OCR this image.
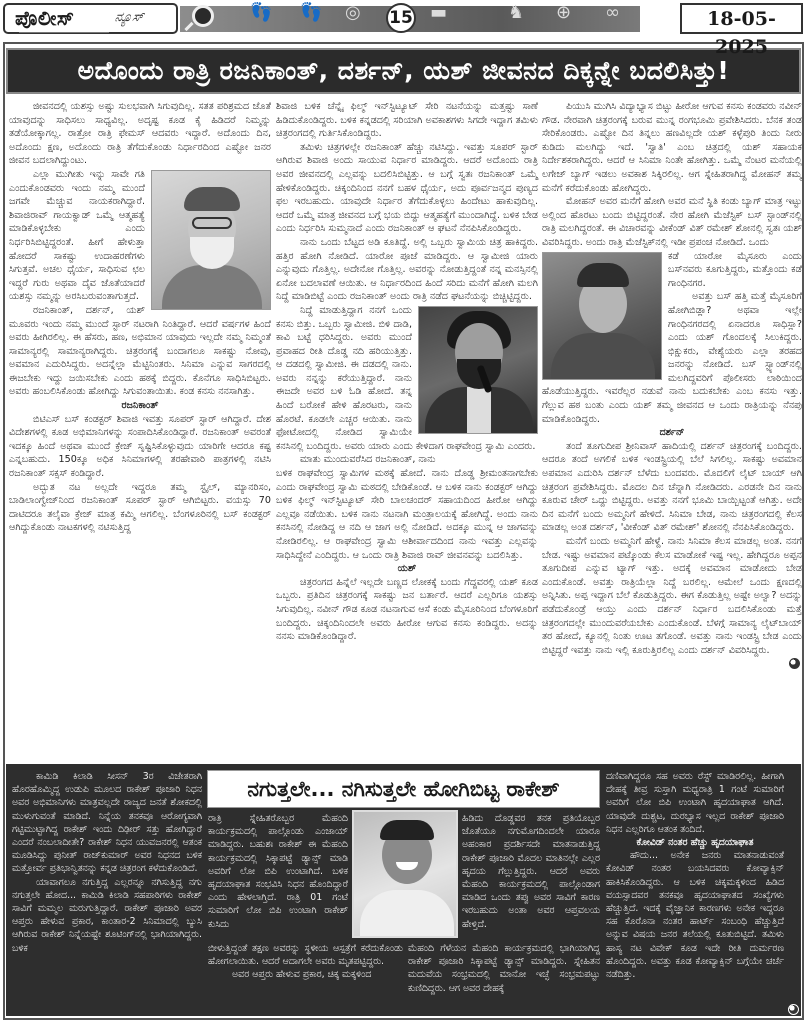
ಪೊಲೀಸ್	ನ್ಯೂಸ್	👣 👣 ◎	▬	♞ ⊕ ∞
15	18-05-2025
ಅದೊಂದು ರಾತ್ರಿ ರಜನಿಕಾಂತ್, ದರ್ಶನ್, ಯಶ್ ಜೀವನದ ದಿಕ್ಕನ್ನೇ ಬದಲಿಸಿತ್ತು!

ಜೀವನದಲ್ಲಿ ಯಶಸ್ಸು ಅಷ್ಟು ಸುಲಭವಾಗಿ ಸಿಗುವುದಿಲ್ಲ. ಸತತ ಪರಿಶ್ರಮದ ಜೊತೆ ಯಾವುದನ್ನು ಸಾಧಿಸಲು ಸಾಧ್ಯವಿಲ್ಲ. ಅದೃಷ್ಟ ಕೂಡ ಕೈ ಹಿಡಿದರೆ ನಿಮ್ಮನ್ನು ತಡೆಯೋಕ್ಕಾಗಲ್ಲ. ರಾತ್ರೋ ರಾತ್ರಿ ಫೇಮಸ್ ಆದವರು ಇದ್ದಾರೆ. ಅದೊಂದು ದಿನ, ಅದೊಂದು ಕ್ಷಣ, ಅದೊಂದು ರಾತ್ರಿ ತೆಗೆದುಕೊಂಡು ನಿರ್ಧಾರದಿಂದ ಎಷ್ಟೋ ಜನರ ಜೀವನ ಬದಲಾಗಿದ್ದುಂಟು.

ಎಲ್ಲಾ ಮುಗೀತು ಇನ್ನು ಸಾವೇ ಗತಿ ಎಂದುಕೊಂಡವರು ಇಂದು ನಮ್ಮ ಮುಂದೆ ಜಗವೇ ಮೆಚ್ಚುವ ನಾಯಕರಾಗಿದ್ದಾರೆ. ಶಿವಾಜಿರಾವ್ ಗಾಯಕ್ವಾಡ್ ಒಮ್ಮೆ ಆತ್ಮಹತ್ಯೆ ಮಾಡಿಕೊಳ್ಳಬೇಕು ಎಂದು ನಿರ್ಧರಿಸಿಬಿಟ್ಟಿದ್ದರಂತೆ. ಹೀಗೆ ಹೇಳುತ್ತಾ ಹೋದರೆ ಸಾಕಷ್ಟು ಉದಾಹರಣೆಗಳು ಸಿಗುತ್ತವೆ. ಅಚಲ ಧೈರ್ಯ, ಸಾಧಿಸುವ ಛಲ ಇದ್ದರೆ ಗುರು ಅಥವಾ ದೈವ ಜೊತೆಯಾದರೆ ಯಶಸ್ಸು ನಮ್ಮನ್ನು ಅರಸಿಬರುವಂತಾಗುತ್ತದೆ.

ರಜನಿಕಾಂತ್, ದರ್ಶನ್, ಯಶ್ ಮೂವರು ಇಂದು ನಮ್ಮ ಮುಂದೆ ಸ್ಟಾರ್ ನಟರಾಗಿ ನಿಂತಿದ್ದಾರೆ. ಆದರೆ ವರ್ಷಗಳ ಹಿಂದೆ ಅವರು ಹೀಗಿರಲಿಲ್ಲ. ಈ ಹೆಸರು, ಹಣ, ಅಭಿಮಾನ ಯಾವುದು ಇಲ್ಲದೇ ನಮ್ಮ ನಿಮ್ಮಂತೆ ಸಾಮಾನ್ಯರಲ್ಲಿ ಸಾಮಾನ್ಯರಾಗಿದ್ದರು. ಚಿತ್ರರಂಗಕ್ಕೆ ಬಂದಾಗಲೂ ಸಾಕಷ್ಟು ನೋವು, ಅವಮಾನ ಎದುರಿಸಿದ್ದರು. ಅದನ್ನೆಲ್ಲಾ ಮೆಟ್ಟಿನಿಂತರು. ಸಿನಿಮಾ ಎನ್ನುವ ಸಾಗರದಲ್ಲಿ ಈಜಬೇಕು ಇದ್ದು ಜಯಿಸಬೇಕು ಎಂದು ಹಠಕ್ಕೆ ಬಿದ್ದರು. ಕೊನೆಗೂ ಸಾಧಿಸಿಬಿಟ್ಟರು. ಅವರು ಹಂಬಲಿಸಿಕೊಂಡು ಹೋಗಿದ್ದು ಸಿಗುವಂತಾಯಿತು. ಕಂಡ ಕನಸು ನನಸಾಗಿತ್ತು.

ರಜನಿಕಾಂತ್

ಬಿಟಿಎಸ್ ಬಸ್ ಕಂಡಕ್ಟರ್ ಶಿವಾಜಿ ಇವತ್ತು ಸೂಪರ್ ಸ್ಟಾರ್ ಆಗಿದ್ದಾರೆ. ದೇಶ ವಿದೇಶಗಳಲ್ಲಿ ಕೂಡ ಅಭಿಮಾನಿಗಳನ್ನು ಸಂಪಾದಿಸಿಕೊಂಡಿದ್ದಾರೆ. ರಜನಿಕಾಂತ್ ಅವರಂತೆ ಇದಕ್ಕೂ ಹಿಂದೆ ಅಥವಾ ಮುಂದೆ ಕ್ರೇಜ್ ಸೃಷ್ಟಿಸಿಕೊಳ್ಳುವುದು ಯಾರಿಗೇ ಆದರೂ ಕಷ್ಟ ಎನ್ನಬಹುದು. 150ಕ್ಕೂ ಅಧಿಕ ಸಿನಿಮಾಗಳಲ್ಲಿ ತರಹೇವಾರಿ ಪಾತ್ರಗಳಲ್ಲಿ ನಟಿಸಿ ರಜನಿಕಾಂತ್ ಸಕ್ಸಸ್ ಕಂಡಿದ್ದಾರೆ.

ಅದ್ಭುತ ನಟ ಅಲ್ಲದೇ ಇದ್ದರೂ ತಮ್ಮ ಸ್ಟೈಲ್, ಮ್ಯಾನರಿಸಂ, ಬಾಡಿಲಾಂಗ್ವೇಜ್‌ನಿಂದ ರಜನಿಕಾಂತ್ ಸೂಪರ್ ಸ್ಟಾರ್ ಆಗಿಬಿಟ್ಟರು. ವಯಸ್ಸು 70 ದಾಟಿದರೂ ತಲೈವಾ ಕ್ರೇಜ್ ಮಾತ್ರ ಕಮ್ಮಿ ಆಗಲಿಲ್ಲ. ಬೆಂಗಳೂರಿನಲ್ಲಿ ಬಸ್ ಕಂಡಕ್ಟರ್ ಆಗಿದ್ದುಕೊಂಡು ನಾಟಕಗಳಲ್ಲಿ ನಟಿಸುತ್ತಿದ್ದ

ಶಿವಾಜಿ ಬಳಿಕ ಚೆನ್ನೈ ಫಿಲ್ಮ್ ಇನ್‌ಸ್ಟಿಟ್ಯೂಟ್ ಸೇರಿ ನಟನೆಯನ್ನು ಮತ್ತಷ್ಟು ಸಾಣೆ ಹಿಡಿದುಕೊಂಡಿದ್ದರು. ಬಳಿಕ ಕನ್ನಡದಲ್ಲಿ ಸರಿಯಾಗಿ ಅವಕಾಶಗಳು ಸಿಗದೇ ಇದ್ದಾಗ ತಮಿಳು ಚಿತ್ರರಂಗದಲ್ಲಿ ಗುರ್ತಿಸಿಕೊಂಡಿದ್ದರು.

ತಮಿಳು ಚಿತ್ರಗಳಲ್ಲೇ ರಜನಿಕಾಂತ್ ಹೆಚ್ಚು ನಟಿಸಿದ್ದು. ಇವತ್ತು ಸೂಪರ್ ಸ್ಟಾರ್ ಆಗಿರುವ ಶಿವಾಜಿ ಅಂದು ಸಾಯುವ ನಿರ್ಧಾರ ಮಾಡಿದ್ದರು. ಆದರೆ ಅದೊಂದು ರಾತ್ರಿ ಅವರ ಜೀವನದಲ್ಲಿ ಎಲ್ಲವನ್ನು ಬದಲಿಸಿಬಿಟ್ಟಿತ್ತು. ಆ ಬಗ್ಗೆ ಸ್ವತಃ ರಜನಿಕಾಂತ್ ಒಮ್ಮೆ ಹೇಳಿಕೊಂಡಿದ್ದರು. ಚಿಕ್ಕಂದಿನಿಂದ ನನಗೆ ಬಹಳ ಧೈರ್ಯ, ಅದು ಪೂರ್ವಜನ್ಮದ ಪುಣ್ಯದ ಫಲ ಇರಬಹುದು. ಯಾವುದೇ ನಿರ್ಧಾರ ತೆಗೆದುಕೊಳ್ಳಲು ಹಿಂದೇಟು ಹಾಕುವುದಿಲ್ಲ. ಆದರೆ ಒಮ್ಮೆ ಮಾತ್ರ ಜೀವನದ ಬಗ್ಗೆ ಭಯ ಬಿದ್ದು ಆತ್ಮಹತ್ಯೆಗೆ ಮುಂದಾಗಿದ್ದೆ. ಬಳಿಕ ಬೇಡ ಎಂದು ನಿರ್ಧರಿಸಿ ಸುಮ್ಮನಾದೆ ಎಂದು ರಜನಿಕಾಂತ್ ಆ ಘಟನೆ ನೆನಪಿಸಿಕೊಂಡಿದ್ದರು.

ನಾನು ಒಂದು ಬೆಟ್ಟದ ಅಡಿ ಕೂತಿದ್ದೆ. ಅಲ್ಲಿ ಒಬ್ಬರು ಸ್ವಾಮಿಯ ಚಿತ್ರ ಹಾಕಿದ್ದರು. ಹತ್ತಿರ ಹೋಗಿ ನೋಡಿದೆ. ಯಾರೋ ಪೂಜೆ ಮಾಡಿದ್ದರು. ಆ ಸ್ವಾಮೀಜಿ ಯಾರು ಎನ್ನುವುದು ಗೊತ್ತಿಲ್ಲ. ಅದೇನೋ ಗೊತ್ತಿಲ್ಲ. ಅವರನ್ನು ನೋಡುತ್ತಿದ್ದಂತೆ ನನ್ನ ಮನಸ್ಸಿನಲ್ಲಿ ಏನೋ ಬದಲಾವಣೆ ಆಯಿತು. ಆ ನಿರ್ಧಾರದಿಂದ ಹಿಂದೆ ಸರಿದು ಮನೆಗೆ ಹೋಗಿ ಮಲಗಿ ನಿದ್ದೆ ಮಾಡಿಬಿಟ್ಟೆ ಎಂದು ರಜನಿಕಾಂತ್ ಅಂದು ರಾತ್ರಿ ನಡೆದ ಘಟನೆಯನ್ನು ಬಿಚ್ಚಿಟ್ಟಿದ್ದರು.

ನಿದ್ದೆ ಮಾಡುತ್ತಿದ್ದಾಗ ನನಗೆ ಒಂದು ಕನಸು ಬಿತ್ತು. ಒಬ್ಬರು ಸ್ವಾಮೀಜಿ. ಬಿಳಿ ದಾಡಿ, ಕಾವಿ ಬಟ್ಟೆ ಧರಿಸಿದ್ದರು. ಅವರು ಮುಂದೆ ಪ್ರವಾಹದ ರೀತಿ ದೊಡ್ಡ ನದಿ ಹರಿಯುತ್ತಿತ್ತು. ಆ ದಡದಲ್ಲಿ ಸ್ವಾಮೀಜಿ. ಈ ದಡದಲ್ಲಿ ನಾನು. ಅವರು ನನ್ನನ್ನು ಕರೆಯುತ್ತಿದ್ದಾರೆ. ನಾನು ಈಜದೇ ಅವರ ಬಳಿ ಓಡಿ ಹೋದೆ. ತನ್ನ ಹಿಂದೆ ಬರೋಕೆ ಹೇಳಿ ಹೊರಟರು, ನಾನು ಹೊರಟೆ. ಕೂಡಲೇ ಎಚ್ಚರ ಆಯಿತು. ನಾನು ಫೋಟೋದಲ್ಲಿ ನೋಡಿದ ಸ್ವಾಮಿಯೇ ಕನಸಿನಲ್ಲಿ ಬಂದಿದ್ದರು. ಅವರು ಯಾರು ಎಂದು ಕೇಳಿದಾಗ ರಾಘವೇಂದ್ರ ಸ್ವಾಮಿ ಎಂದರು.

ಮಾತು ಮುಂದುವರೆಸಿದ ರಜನಿಕಾಂತ್, ನಾನು

ಬಳಿಕ ರಾಘವೇಂದ್ರ ಸ್ವಾಮಿಗಳ ಮಠಕ್ಕೆ ಹೋದೆ. ನಾನು ದೊಡ್ಡ ಶ್ರೀಮಂತನಾಗಬೇಕು ಎಂದು ರಾಘವೇಂದ್ರ ಸ್ವಾಮಿ ಮಠದಲ್ಲಿ ಬೇಡಿಕೊಂಡೆ. ಆ ಬಳಿಕ ನಾನು ಕಂಡಕ್ಟರ್ ಆಗಿದ್ದು ಬಳಿಕ ಫಿಲ್ಮ್ ಇನ್‌ಸ್ಟಿಟ್ಯೂಟ್ ಸೇರಿ ಬಾಲಚಂದರ್ ಸಹಾಯದಿಂದ ಹೀರೋ ಆಗಿದ್ದು ಎಲ್ಲವೂ ನಡೆಯಿತು. ಬಳಿಕ ನಾನು ನಟನಾಗಿ ಮಂತ್ರಾಲಯಕ್ಕೆ ಹೋಗಿದ್ದೆ. ಅಂದು ನಾನು ಕನಸಿನಲ್ಲಿ ನೋಡಿದ್ದ ಆ ನದಿ ಆ ಜಾಗ ಅಲ್ಲಿ ನೋಡಿದೆ. ಅದಕ್ಕೂ ಮುನ್ನ ಆ ಜಾಗವನ್ನು ನೋಡಿರಲಿಲ್ಲ. ಆ ರಾಘವೇಂದ್ರ ಸ್ವಾಮಿ ಆಶೀರ್ವಾದದಿಂದ ನಾನು ಇವತ್ತು ಎಲ್ಲವನ್ನು ಸಾಧಿಸಿದ್ದೇನೆ ಎಂದಿದ್ದರು. ಆ ಒಂದು ರಾತ್ರಿ ಶಿವಾಜಿ ರಾವ್ ಜೀವನವನ್ನು ಬದಲಿಸಿತ್ತು.

ಯಶ್

ಚಿತ್ರರಂಗದ ಹಿನ್ನೆಲೆ ಇಲ್ಲದೇ ಬಣ್ಣದ ಲೋಕಕ್ಕೆ ಬಂದು ಗೆದ್ದವರಲ್ಲಿ ಯಶ್ ಕೂಡ ಒಬ್ಬರು. ಪ್ರತಿದಿನ ಚಿತ್ರರಂಗಕ್ಕೆ ಸಾಕಷ್ಟು ಜನ ಬರ್ತಾರೆ. ಆದರೆ ಎಲ್ಲರಿಗೂ ಯಶಸ್ಸು ಸಿಗುವುದಿಲ್ಲ. ನವೀನ್ ಗೌಡ ಕೂಡ ನಟನಾಗುವ ಆಸೆ ಕಂಡು ಮೈಸೂರಿನಿಂದ ಬೆಂಗಳೂರಿಗೆ ಬಂದಿದ್ದರು. ಚಿಕ್ಕಂದಿನಿಂದಲೇ ಅವರು ಹೀರೋ ಆಗುವ ಕನಸು ಕಂಡಿದ್ದರು. ಅದನ್ನು ನನಸು ಮಾಡಿಕೊಂಡಿದ್ದಾರೆ.

ಪಿಯುಸಿ ಮುಗಿಸಿ ವಿದ್ಯಾಭ್ಯಾಸ ಬಿಟ್ಟು ಹೀರೋ ಆಗುವ ಕನಸು ಕಂಡವರು ನವೀನ್ ಗೌಡ. ನೇರವಾಗಿ ಚಿತ್ರರಂಗಕ್ಕೆ ಬರುವ ಮುನ್ನ ರಂಗಭೂಮಿ ಪ್ರವೇಶಿಸಿದರು. ಬೆನಕ ತಂಡ ಸೇರಿಕೊಂಡರು. ಎಷ್ಟೋ ದಿನ ತಿನ್ನಲು ಹಣವಿಲ್ಲದೇ ಯಶ್ ಕಳ್ಳೆಪುರಿ ತಿಂದು ನೀರು ಕುಡಿದು ಮಲಗಿದ್ದು ಇದೆ. 'ಸ್ವಾತಿ' ಎಂಬ ಚಿತ್ರದಲ್ಲಿ ಯಶ್ ಸಹಾಯಕ ನಿರ್ದೇಶಕರಾಗಿದ್ದರು. ಆದರೆ ಆ ಸಿನಿಮಾ ನಿಂತೇ ಹೋಗಿತ್ತು. ಒಮ್ಮೆ ನೆಂಟರ ಮನೆಯಲ್ಲಿ ಲಗೇಜ್ ಬ್ಯಾಗ್ ಇಡಲು ಅವಕಾಶ ಸಿಕ್ಕಿರಲಿಲ್ಲ. ಆಗ ಸ್ನೇಹಿತರಾಗಿದ್ದ ಮೋಹನ್ ತಮ್ಮ ಮನೆಗೆ ಕರೆದುಕೊಂಡು ಹೋಗಿದ್ದರು.

ಮೋಹನ್ ಅವರ ಮನೆಗೆ ಹೋಗಿ ಅವರ ಮನೆ ಸ್ಥಿತಿ ಕಂಡು ಬ್ಯಾಗ್ ಮಾತ್ರ ಇಟ್ಟು ಅಲ್ಲಿಂದ ಹೊರಟು ಬಂದು ಬಿಟ್ಟಿದ್ದರಂತೆ. ನೇರ ಹೋಗಿ ಮೆಜೆಸ್ಟಿಕ್ ಬಸ್ ಸ್ಟಾಂಡ್‌ನಲ್ಲಿ ರಾತ್ರಿ ಮಲಗಿದ್ದರಂತೆ. ಈ ವಿಚಾರವನ್ನು ವೀಕೆಂಡ್ ವಿತ್ ರಮೇಶ್ ಶೋನಲ್ಲಿ ಸ್ವತಃ ಯಶ್ ವಿವರಿಸಿದ್ದರು. ಅಂದು ರಾತ್ರಿ ಮೆಜೆಸ್ಟಿಕ್‌ನಲ್ಲಿ ಇಡೀ ಪ್ರಪಂಚ ನೋಡಿದೆ. ಒಂದು

ಕಡೆ ಯಾರೋ ಮೈಸೂರು ಎಂದು ಬಸ್‌ನವರು ಕೂಗುತ್ತಿದ್ದರು, ಮತ್ತೊಂದು ಕಡೆ ಗಾಂಧಿನಗರ.

ಅವತ್ತು ಬಸ್ ಹತ್ತಿ ಮತ್ತೆ ಮೈಸೂರಿಗೆ ಹೋಗಿಬಿಡ್ಲಾ? ಅಥವಾ ಇಲ್ಲೇ ಗಾಂಧಿನಗರದಲ್ಲಿ ಏನಾದರೂ ಸಾಧಿಸ್ಲಾ? ಎಂದು ಯಶ್ ಗೊಂದಲಕ್ಕೆ ಸಿಲುಕಿದ್ದರು. ಭಿಕ್ಷುಕರು, ವೇಶ್ಯೆಯರು ಎಲ್ಲಾ ತರಹದ ಜನರನ್ನು ನೋಡಿದೆ. ಬಸ್ ಸ್ಟ್ಯಾಂಡ್‌ನಲ್ಲಿ ಮಲಗಿದ್ದವರಿಗೆ ಪೊಲೀಸರು ಲಾಠಿಯಿಂದ ಹೊಡೆಯುತ್ತಿದ್ದರು. ಇವರೆಲ್ಲರ ನಡುವೆ ನಾನು ಬದುಕಬೇಕು ಎಂಬ ಕನಸು ಇತ್ತು. ಗೆಲ್ಲುವ ಹಠ ಬಂತು ಎಂದು ಯಶ್ ತಮ್ಮ ಜೀವನದ ಆ ಒಂದು ರಾತ್ರಿಯನ್ನು ನೆನಪು ಮಾಡಿಕೊಂಡಿದ್ದರು.

ದರ್ಶನ್

ತಂದೆ ತೂಗುದೀಪ ಶ್ರೀನಿವಾಸ್ ಹಾದಿಯಲ್ಲಿ ದರ್ಶನ್ ಚಿತ್ರರಂಗಕ್ಕೆ ಬಂದಿದ್ದರು. ಆದರೂ ತಂದೆ ಅಗಲಿಕೆ ಬಳಿಕ ಇಂಡಸ್ಟ್ರಿಯಲ್ಲಿ ಬೆಲೆ ಸಿಗಲಿಲ್ಲ. ಸಾಕಷ್ಟು ಅವಮಾನ ಅಪಮಾನ ಎದುರಿಸಿ ದರ್ಶನ್ ಬೆಳೆದು ಬಂದವರು. ಮೊದಲಿಗೆ ಲೈಟ್ ಬಾಯ್ ಆಗಿ ಚಿತ್ರರಂಗ ಪ್ರವೇಶಿಸಿದ್ದರು. ಮೊದಲ ದಿನ ಚೆನ್ನಾಗಿ ನೋಡಿದರು. ಎರಡನೇ ದಿನ ನಾನು ಕೂರುವ ಚೇರ್ ಒದ್ದು ಬಿಟ್ಟಿದ್ದರು. ಅವತ್ತು ನನಗೆ ಭೂಮಿ ಬಾಯ್ಬಿಟ್ಟಂತೆ ಆಗಿತ್ತು. ಅದೇ ದಿನ ಮನೆಗೆ ಬಂದು ಅಮ್ಮನಿಗೆ ಹೇಳಿದೆ. ಸಿನಿಮಾ ಬೇಡ, ನಾನು ಚಿತ್ರರಂಗದಲ್ಲಿ ಕೆಲಸ ಮಾಡಲ್ಲ ಅಂತ ದರ್ಶನ್, 'ವೀಕೆಂಡ್ ವಿತ್ ರಮೇಶ್' ಶೋನಲ್ಲಿ ನೆನಪಿಸಿಕೊಂಡಿದ್ದರು.

ಮನೆಗೆ ಬಂದು ಅಮ್ಮನಿಗೆ ಹೇಳ್ದೆ. ನಾನು ಸಿನಿಮಾ ಕೆಲಸ ಮಾಡಲ್ಲ ಅಂತ. ನನಗೆ ಬೇಡ. ಇಷ್ಟು ಅವಮಾನ ಪಟ್ಕೊಂಡು ಕೆಲಸ ಮಾಡೋಕೆ ಇಷ್ಟ ಇಲ್ಲ. ಹೇಗಿದ್ದರೂ ಅಪ್ಪನ ತೂಗುದೀಪ ಎನ್ನುವ ಟ್ಯಾಗ್ ಇತ್ತು. ಅದಕ್ಕೆ ಅವಮಾನ ಮಾಡೋದು ಬೇಡ ಎಂದುಕೊಂಡೆ. ಅವತ್ತು ರಾತ್ರಿಯೆಲ್ಲಾ ನಿದ್ದೆ ಬರಲಿಲ್ಲ. ಆಮೇಲೆ ಒಂದು ಕ್ಷಣದಲ್ಲಿ ಅನ್ನಿಸಿತು. ಅಪ್ಪ ಇದ್ದಾಗ ಬೆಲೆ ಕೊಡುತ್ತಿದ್ದರು. ಈಗ ಕೊಡುತ್ತಿಲ್ಲ ಅಷ್ಟೇ ಅಲ್ವಾ? ಅದನ್ನು ಪಡೆದುಕೊಂಡ್ರೆ ಆಯ್ತು ಎಂದು ದರ್ಶನ್ ನಿರ್ಧಾರ ಬದಲಿಸಿಕೊಂಡು ಮತ್ತೆ ಚಿತ್ರರಂಗದಲ್ಲೇ ಮುಂದುವರೆಯಬೇಕು ಎಂದುಕೊಂಡೆ. ಬೆಳಗ್ಗೆ ಸಾಮಾನ್ಯ ಲೈಟ್‌ಬಾಯ್ ತರ ಹೋದೆ, ಕ್ಯೂನಲ್ಲಿ ನಿಂತು ಊಟ ತಗೊಂಡೆ. ಅವತ್ತು ನಾನು ಇಂಡಸ್ಟ್ರಿ ಬೇಡ ಎಂದು ಬಿಟ್ಟಿದ್ದರೆ ಇವತ್ತು ನಾನು ಇಲ್ಲಿ ಕೂರುತ್ತಿರಲಿಲ್ಲ ಎಂದು ದರ್ಶನ್ ವಿವರಿಸಿದ್ದರು.

ನಗುತ್ತಲೇ... ನಗಿಸುತ್ತಲೇ ಹೋಗಿಬಿಟ್ಟ ರಾಕೇಶ್

ಕಾಮಿಡಿ ಕಿಲಾಡಿ ಸೀಸನ್ 3ರ ವಿಜೇತರಾಗಿ ಹೊರಹೊಮ್ಮಿದ್ದ ಉಡುಪಿ ಮೂಲದ ರಾಕೇಶ್ ಪೂಜಾರಿ ನಿಧನ ಅವರ ಅಭಿಮಾನಿಗಳು ಮಾತ್ರವಲ್ಲದೇ ರಾಜ್ಯದ ಜನತೆ ಶೋಕದಲ್ಲಿ ಮುಳುಗುವಂತೆ ಮಾಡಿದೆ. ನಿನ್ನೆಯ ತನಕವೂ ಆರೋಗ್ಯವಾಗಿ ಗಟ್ಟಿಮುಟ್ಟಾಗಿದ್ದ ರಾಕೇಶ್ ಇಂದು ದಿಢೀರ್ ಸತ್ತು ಹೋಗಿದ್ದಾರೆ ಎಂದರೆ ನಂಬಲಾದೀತೇ? ರಾಕೇಶ್ ನಿಧನ ಯುವಜನರಲ್ಲಿ ಆತಂಕ ಮೂಡಿಸಿದ್ದು ಪುನೀತ್ ರಾಜ್‌ಕುಮಾರ್ ಅವರ ನಿಧನದ ಬಳಿಕ ಮತ್ತೋರ್ವ ಪ್ರತಿಭಾನ್ವಿತನನ್ನು ಕನ್ನಡ ಚಿತ್ರರಂಗ ಕಳೆದುಕೊಂಡಿದೆ.

ಯಾವಾಗಲೂ ನಗುತ್ತಿದ್ದ ಎಲ್ಲರನ್ನೂ ನಗಿಸುತ್ತಿದ್ದ ನಗು ನಗುತ್ತಲೇ ಹೋದ... ಕಾಮಿಡಿ ಕಿಲಾಡಿ ಸಹಪಾಠಿಗಳು ರಾಕೇಶ್ ಸಾವಿಗೆ ಮಮ್ಮಲ ಮರುಗುತ್ತಿದ್ದಾರೆ. ರಾಕೇಶ್ ಪೂಜಾರಿ ಅವರ ಆಪ್ತರು ಹೇಳುವ ಪ್ರಕಾರ, ಕಾಂತಾರ-2 ಸಿನಿಮಾದಲ್ಲಿ ಬ್ಯುಸಿ ಆಗಿರುವ ರಾಕೇಶ್ ನಿನ್ನೆಯಷ್ಟೇ ಶೂಟಿಂಗ್‌ನಲ್ಲಿ ಭಾಗಿಯಾಗಿದ್ದರು. ಬಳಿಕ

ರಾತ್ರಿ ಸ್ನೇಹಿತರೊಬ್ಬರ ಮೆಹಂದಿ ಕಾರ್ಯಕ್ರಮದಲ್ಲಿ ಪಾಲ್ಗೊಂಡು ಎಂಜಾಯ್ ಮಾಡಿದ್ದರು. ಬಹುಶಃ ರಾಕೇಶ್ ಈ ಮೆಹಂದಿ ಕಾರ್ಯಕ್ರಮದಲ್ಲಿ ಸಿಕ್ಕಾಪಟ್ಟೆ ಡ್ಯಾನ್ಸ್ ಮಾಡಿ ಅವರಿಗೆ ಲೋ ಬಿಪಿ ಉಂಟಾಗಿದೆ. ಬಳಿಕ ಹೃದಯಾಘಾತ ಸಂಭವಿಸಿ ನಿಧನ ಹೊಂದಿದ್ದಾರೆ ಎಂದು ಹೇಳಲಾಗ್ತಿದೆ. ರಾತ್ರಿ 01 ಗಂಟೆ ಸುಮಾರಿಗೆ ಲೋ ಬಿಪಿ ಉಂಟಾಗಿ ರಾಕೇಶ್ ಕುಸಿದು

ಹಿಡಿದು ದೊಡ್ಡವರ ತನಕ ಪ್ರತಿಯೊಬ್ಬರ ಜೊತೆಯೂ ನಗುಮೊಗದಿಂದಲೇ ಯಾರೂ ಅಹಂಕಾರ ಪ್ರದರ್ಶಿಸದೇ ಮಾತನಾಡುತ್ತಿದ್ದ ರಾಕೇಶ್ ಪೂಜಾರಿ ಮೊದಲ ಮಾತಿನಲ್ಲೇ ಎಲ್ಲರ ಹೃದಯ ಗೆಲ್ಲುತ್ತಿದ್ದರು. ಆದರೆ ಅವರು ಮೆಹಂದಿ ಕಾರ್ಯಕ್ರಮದಲ್ಲಿ ಪಾಲ್ಗೊಂಡಾಗ ಮಾಡಿದ ಒಂದು ತಪ್ಪು ಅವರ ಸಾವಿಗೆ ಕಾರಣ ಇರಬಹುದು ಅಂತಾ ಅವರ ಆಪ್ತವಲಯ ಹೇಳ್ತಿದೆ.

ಬೀಳುತ್ತಿದ್ದಂತೆ ತಕ್ಷಣ ಅವರನ್ನು ಸ್ಥಳೀಯ ಆಸ್ಪತ್ರೆಗೆ ಕರೆದುಕೊಂಡು ಹೋಗಲಾಯಿತು. ಆದರೆ ಆದಾಗಲೇ ಅವರು ಮೃತಪಟ್ಟಿದ್ದರು.

ಅವರ ಆಪ್ತರು ಹೇಳುವ ಪ್ರಕಾರ, ಚಿಕ್ಕ ಮಕ್ಕಳಿಂದ

ಮೆಹಂದಿ ಗೆಳೆಯನ ಮೆಹಂದಿ ಕಾರ್ಯಕ್ರಮದಲ್ಲಿ ಭಾಗಿಯಾಗಿದ್ದ ರಾಕೇಶ್ ಪೂಜಾರಿ ಸಿಕ್ಕಾಪಟ್ಟೆ ಡ್ಯಾನ್ಸ್ ಮಾಡಿದ್ದರು. ಸ್ನೇಹಿತನ ಮದುವೆಯ ಸಂಭ್ರಮದಲ್ಲಿ ಮಾನೋ ಇಚ್ಛೆ ಸಂಭ್ರಮಪಟ್ಟು ಕುಣಿದಿದ್ದರು. ಆಗ ಅವರ ದೇಹಕ್ಕೆ

ದಣಿವಾಗಿದ್ದರೂ ಸಹ ಅವರು ರೆಸ್ಟ್ ಮಾಡಿರಲಿಲ್ಲ. ಹೀಗಾಗಿ ದೇಹಕ್ಕೆ ತೀವ್ರ ಸುಸ್ತಾಗಿ ಮಧ್ಯರಾತ್ರಿ 1 ಗಂಟೆ ಸುಮಾರಿಗೆ ಅವರಿಗೆ ಲೋ ಬಿಪಿ ಉಂಟಾಗಿ ಹೃದಯಾಘಾತ ಆಗಿದೆ. ಯಾವುದೇ ದುಶ್ಚಟ, ದುರಭ್ಯಾಸ ಇಲ್ಲದ ರಾಕೇಶ್ ಪೂಜಾರಿ ನಿಧನ ಎಲ್ಲರಿಗೂ ಆತಂಕ ತಂದಿದೆ.

ಕೋವಿಡ್ ನಂತರ ಹೆಚ್ಚು ಹೃದಯಾಘಾತ

ಹೌದು... ಅನೇಕ ಜನರು ಮಾತನಾಡುವಂತೆ ಕೋವಿಡ್ ನಂತರ ಬಯಸಿದವರು ಕೋವ್ಯಾಕ್ಸಿನ್ ಹಾಕಿಸಿಕೊಂಡಿದ್ದರು. ಆ ಬಳಿಕ ಚಿಕ್ಕಮಕ್ಕಳಿಂದ ಹಿಡಿದ ವಯಸ್ಸಾದವರ ತನಕವೂ ಹೃದಯಾಘಾತದ ಸಂಖ್ಯೆಗಳು ಹೆಚ್ಚುತ್ತಿದೆ. ಇದಕ್ಕೆ ವೈಜ್ಞಾನಿಕ ಕಾರಣಗಳು ಅನೇಕ ಇದ್ದರೂ ಸಹ ಕೊರೊನಾ ನಂತರ ಹಾರ್ಟ್ ಸಂಬಂಧಿ ಹೆಚ್ಚುತ್ತಿದೆ ಅನ್ನುವ ವಿಷಯ ಜನರ ತಲೆಯಲ್ಲಿ ಕೂತುಬಿಟ್ಟಿದೆ. ತಮಿಳು ಹಾಸ್ಯ ನಟ ವಿವೇಕ್ ಕೂಡ ಇದೇ ರೀತಿ ದುರ್ಮರಣ ಹೊಂದಿದ್ದರು. ಅವತ್ತು ಕೂಡ ಕೋವ್ಯಾಕ್ಸಿನ್ ಬಗ್ಗೆಯೇ ಚರ್ಚೆ ನಡೆದಿತ್ತು.
